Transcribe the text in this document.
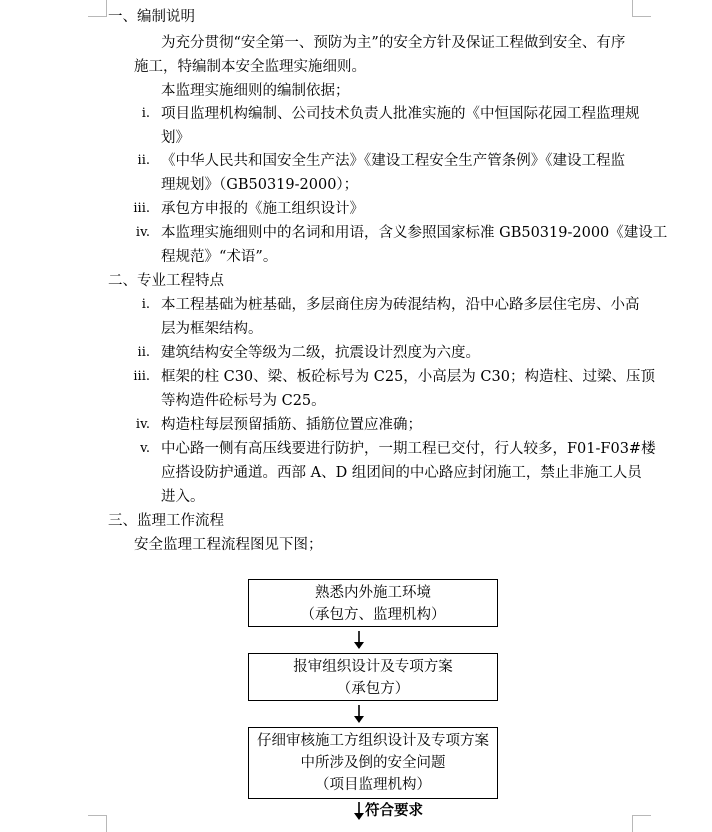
一、编制说明
为充分贯彻“安全第一、预防为主”的安全方针及保证工程做到安全、有序
施工，特编制本安全监理实施细则。
本监理实施细则的编制依据；
i. 项目监理机构编制、公司技术负责人批准实施的《中恒国际花园工程监理规
划》
ii. 《中华人民共和国安全生产法》《建设工程安全生产管条例》《建设工程监
理规划》（GB50319-2000）；
iii. 承包方申报的《施工组织设计》
iv. 本监理实施细则中的名词和用语，含义参照国家标准 GB50319-2000《建设工
程规范》“术语”。
二、专业工程特点
i. 本工程基础为桩基础，多层商住房为砖混结构，沿中心路多层住宅房、小高
层为框架结构。
ii. 建筑结构安全等级为二级，抗震设计烈度为六度。
iii. 框架的柱 C30、梁、板砼标号为 C25，小高层为 C30；构造柱、过梁、压顶
等构造件砼标号为 C25。
iv. 构造柱每层预留插筋、插筋位置应准确；
v. 中心路一侧有高压线要进行防护，一期工程已交付，行人较多，F01-F03#楼
应搭设防护通道。西部 A、D 组团间的中心路应封闭施工，禁止非施工人员
进入。
三、监理工作流程
安全监理工程流程图见下图；
熟悉内外施工环境
（承包方、监理机构）
报审组织设计及专项方案
（承包方）
仔细审核施工方组织设计及专项方案
中所涉及倒的安全问题
（项目监理机构）
符合要求
